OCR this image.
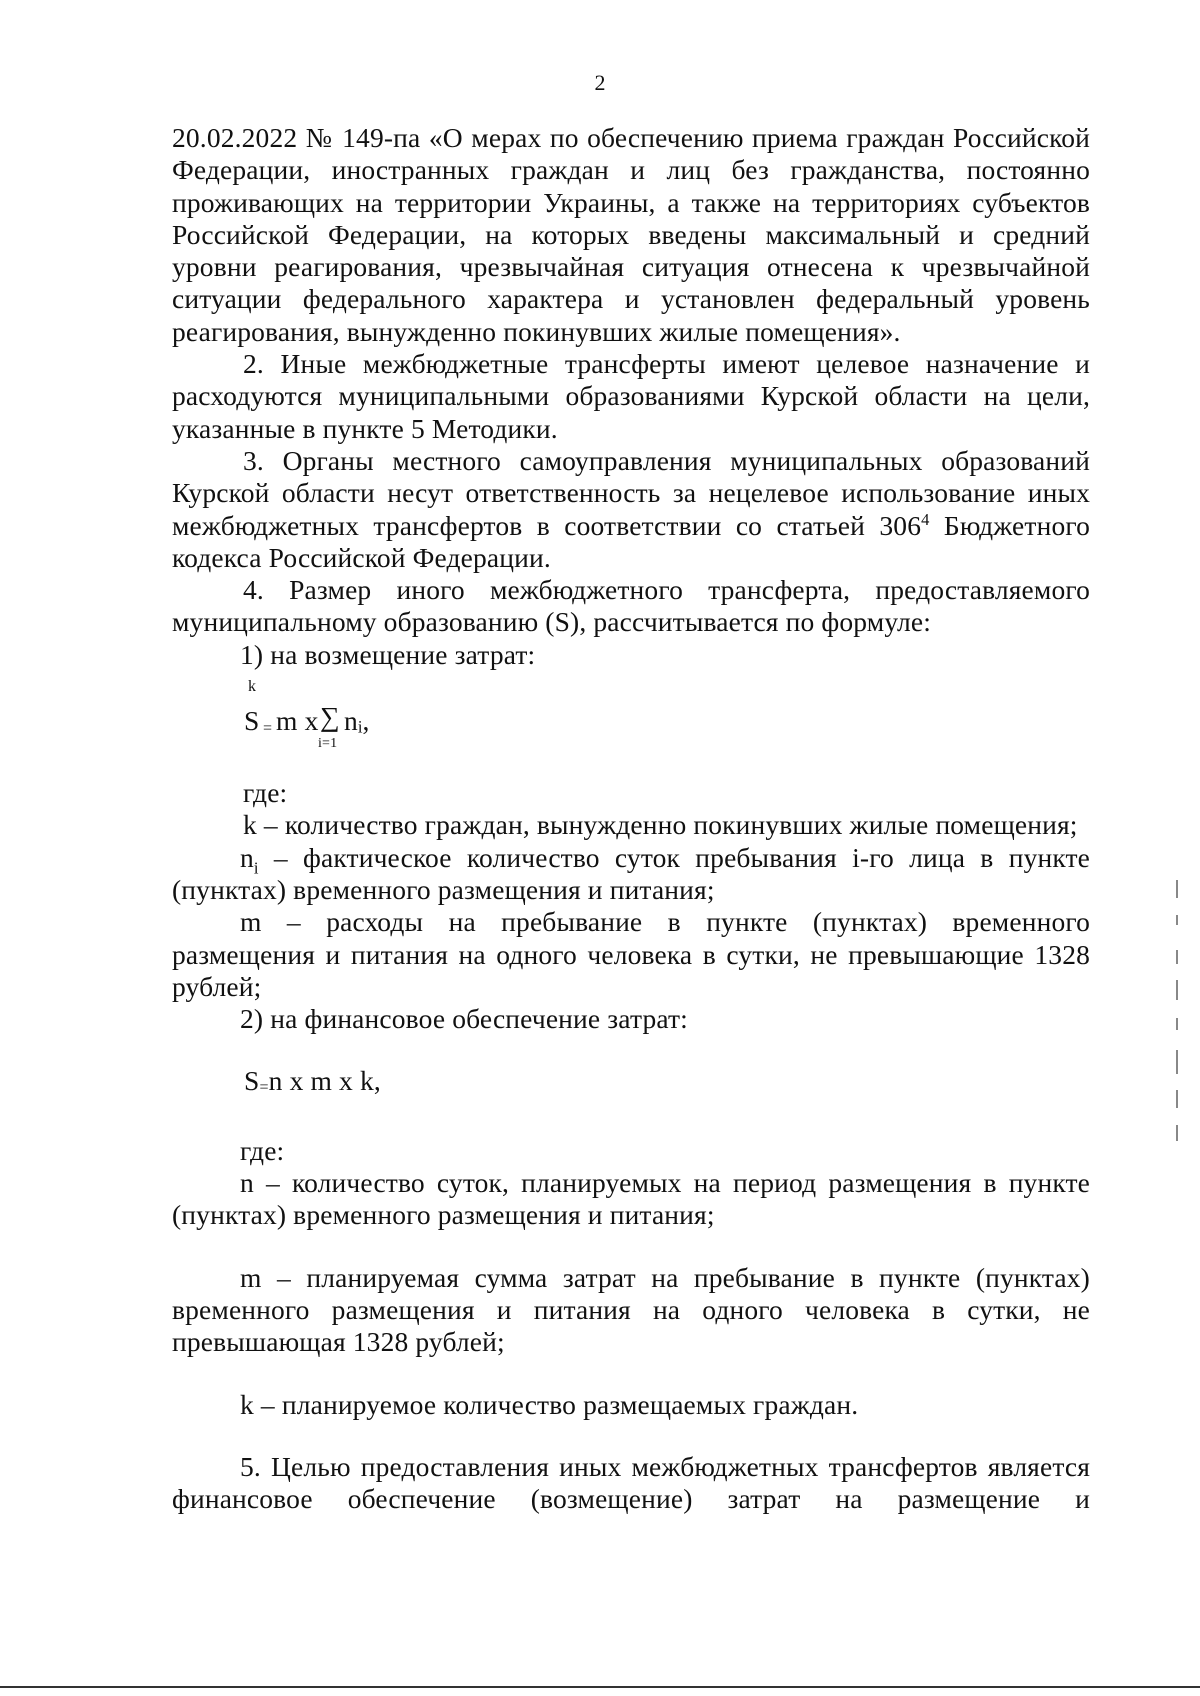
2

20.02.2022 № 149-па «О мерах по обеспечению приема граждан Российской Федерации, иностранных граждан и лиц без гражданства, постоянно проживающих на территории Украины, а также на территориях субъектов Российской Федерации, на которых введены максимальный и средний уровни реагирования, чрезвычайная ситуация отнесена к чрезвычайной ситуации федерального характера и установлен федеральный уровень реагирования, вынужденно покинувших жилые помещения».

2. Иные межбюджетные трансферты имеют целевое назначение и расходуются муниципальными образованиями Курской области на цели, указанные в пункте 5 Методики.

3. Органы местного самоуправления муниципальных образований Курской области несут ответственность за нецелевое использование иных межбюджетных трансфертов в соответствии со статьей $306^4$ Бюджетного кодекса Российской Федерации.

4. Размер иного межбюджетного трансферта, предоставляемого муниципальному образованию (S), рассчитывается по формуле:

1) на возмещение затрат:

k
S = m x ∑
i=1
nᵢ,

где:

k – количество граждан, вынужденно покинувших жилые помещения;

$n_i$ – фактическое количество суток пребывания i-го лица в пункте (пунктах) временного размещения и питания;

m – расходы на пребывание в пункте (пунктах) временного размещения и питания на одного человека в сутки, не превышающие 1328 рублей;

2) на финансовое обеспечение затрат:

S=n x m x k,

где:

n – количество суток, планируемых на период размещения в пункте (пунктах) временного размещения и питания;

m – планируемая сумма затрат на пребывание в пункте (пунктах) временного размещения и питания на одного человека в сутки, не превышающая 1328 рублей;

k – планируемое количество размещаемых граждан.

5. Целью предоставления иных межбюджетных трансфертов является финансовое обеспечение (возмещение) затрат на размещение и
